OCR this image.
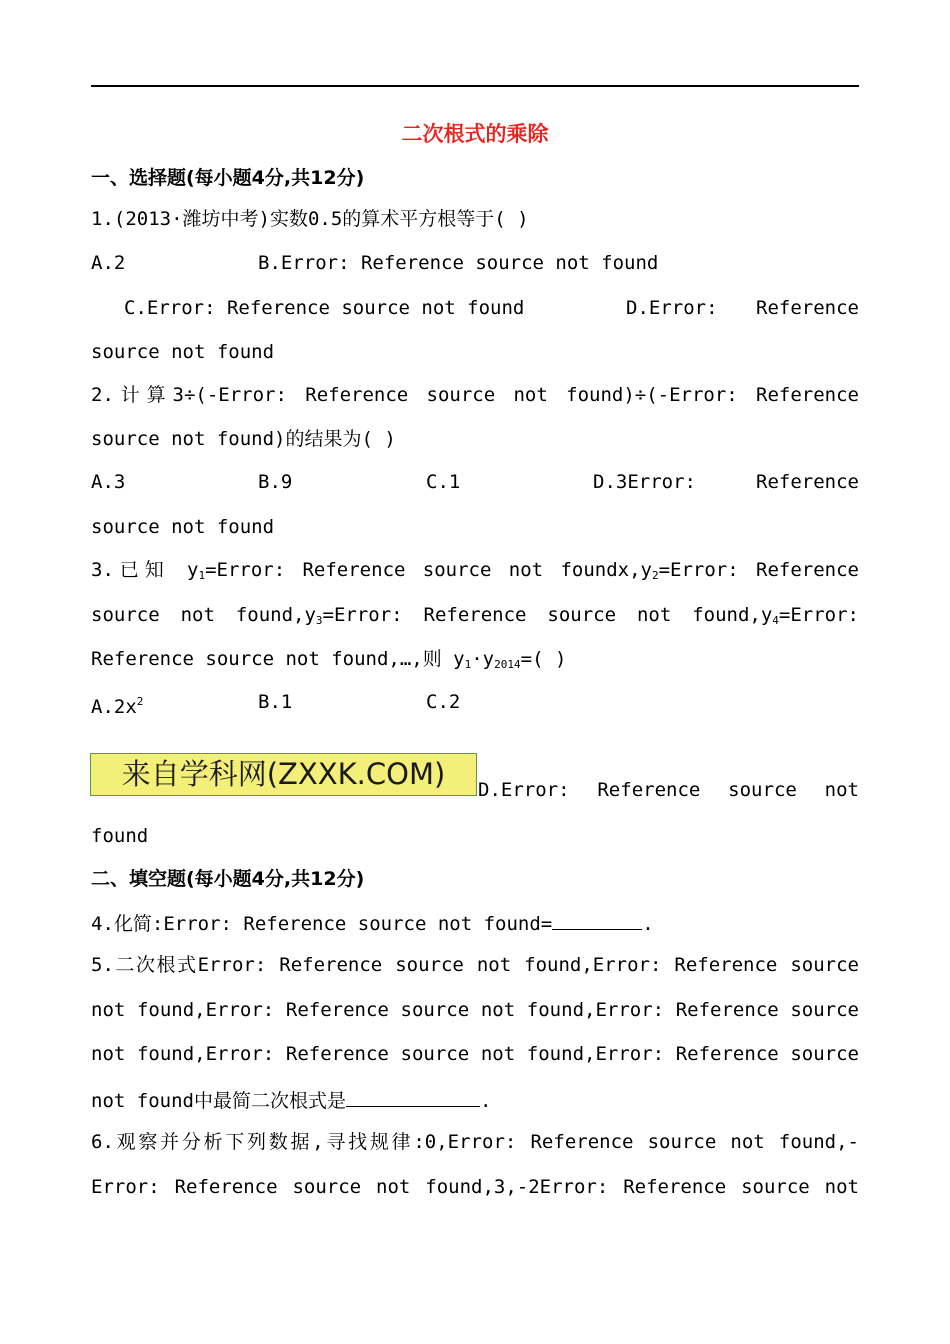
二次根式的乘除
一、选择题(每小题4分,共12分)
1.(2013·潍坊中考)实数0.5的算术平方根等于( )
A.2	B.Error: Reference source not found
C.Error: Reference source not found	D.Error: Reference
source not found
2.计算3÷(-Error: Reference source not found)÷(-Error: Reference
source not found)的结果为( )
A.3	B.9	C.1	D.3Error: Reference
source not found
3.已知 $y_1=Error$: Reference source not $foundx,y_2=Error$: Reference
source not $found,y_3=Error$: Reference source not $found,y_4=Error$:
Reference source not found,…,则 $y_1\cdot y_{2014}=$( )
$A.2x^2$	B.1	C.2
来自学科网(ZXXK.COM)	D.Error: Reference source not
found
二、填空题(每小题4分,共12分)
4.化简:Error: Reference source not found=	.
5.二次根式Error: Reference source not found,Error: Reference source
not found,Error: Reference source not found,Error: Reference source
not found,Error: Reference source not found,Error: Reference source
not found中最简二次根式是	.
6.观察并分析下列数据,寻找规律:0,Error: Reference source not found,-
Error: Reference source not found,3,-2Error: Reference source not
